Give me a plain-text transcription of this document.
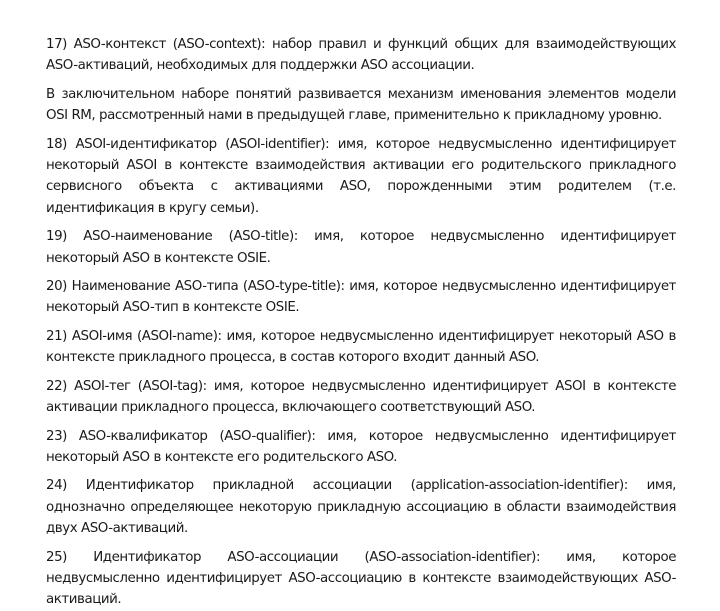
17) ASO-контекст (ASO-context): набор правил и функций общих для взаимодействующих ASO-активаций, необходимых для поддержки ASO ассоциации.

В заключительном наборе понятий развивается механизм именования элементов модели OSI RM, рассмотренный нами в предыдущей главе, применительно к прикладному уровню.

18) ASOI-идентификатор (ASOI-identifier): имя, которое недвусмысленно идентифицирует некоторый ASOI в контексте взаимодействия активации его родительского прикладного сервисного объекта с активациями ASO, порожденными этим родителем (т.е. идентификация в кругу семьи).

19) ASO-наименование (ASO-title): имя, которое недвусмысленно идентифицирует некоторый ASO в контексте OSIE.

20) Наименование ASO-типа (ASO-type-title): имя, которое недвусмысленно идентифицирует некоторый ASO-тип в контексте OSIE.

21) ASOI-имя (ASOI-name): имя, которое недвусмысленно идентифицирует некоторый ASO в контексте прикладного процесса, в состав которого входит данный ASO.

22) ASOI-тег (ASOI-tag): имя, которое недвусмысленно идентифицирует ASOI в контексте активации прикладного процесса, включающего соответствующий ASO.

23) ASO-квалификатор (ASO-qualifier): имя, которое недвусмысленно идентифицирует некоторый ASO в контексте его родительского ASO.

24) Идентификатор прикладной ассоциации (application-association-identifier): имя, однозначно определяющее некоторую прикладную ассоциацию в области взаимодействия двух ASO-активаций.

25) Идентификатор ASO-ассоциации (ASO-association-identifier): имя, которое недвусмысленно идентифицирует ASO-ассоциацию в контексте взаимодействующих ASO-активаций.
